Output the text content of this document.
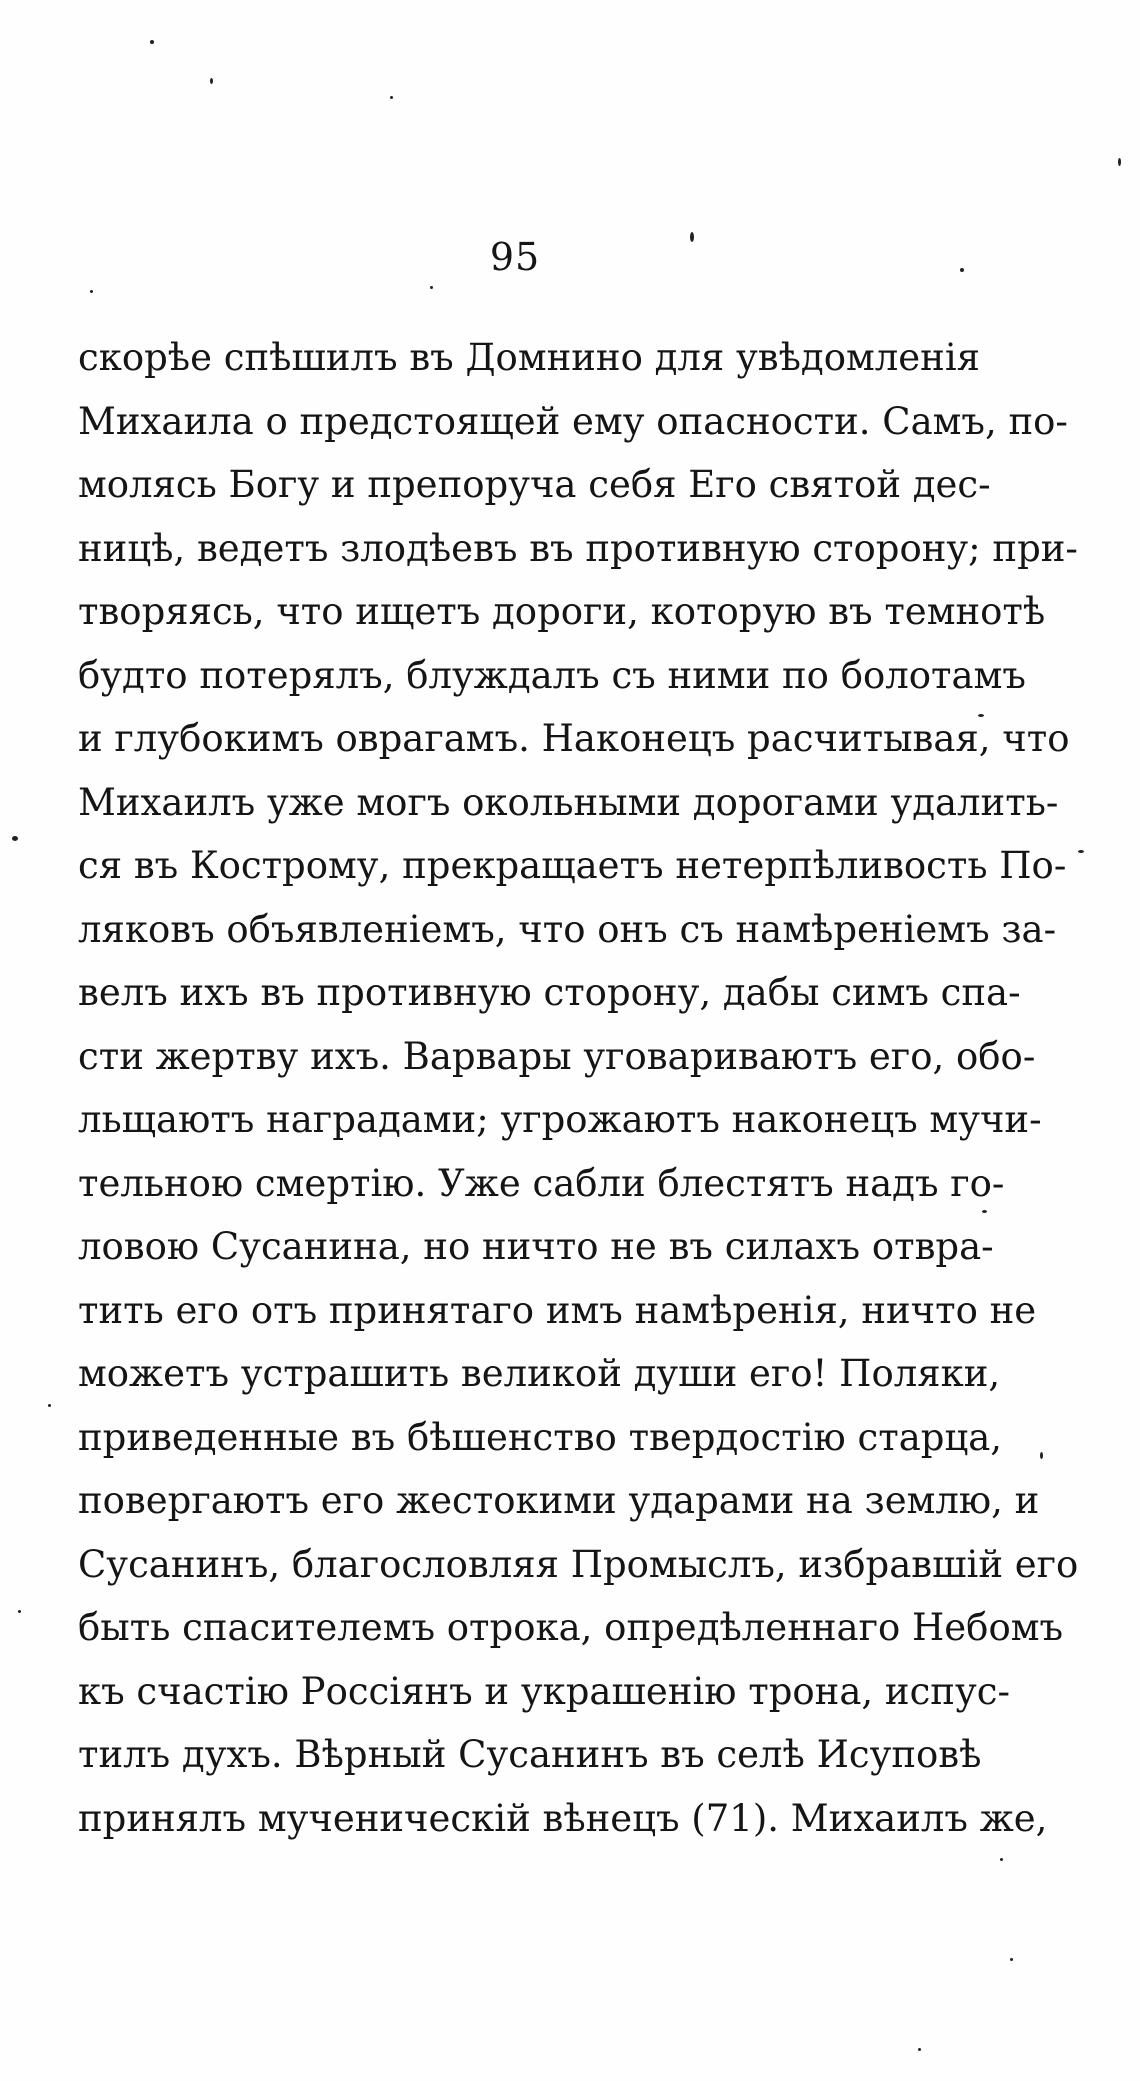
95
скорѣе спѣшилъ въ Домнино для увѣдомленія
Михаила о предстоящей ему опасности. Самъ, по-
молясь Богу и препоруча себя Его святой дес-
ницѣ, ведетъ злодѣевъ въ противную сторону; при-
творяясь, что ищетъ дороги, которую въ темнотѣ
будто потерялъ, блуждалъ съ ними по болотамъ
и глубокимъ оврагамъ. Наконецъ расчитывая, что
Михаилъ уже могъ окольными дорогами удалить-
ся въ Кострому, прекращаетъ нетерпѣливость По-
ляковъ объявленіемъ, что онъ съ намѣреніемъ за-
велъ ихъ въ противную сторону, дабы симъ спа-
сти жертву ихъ. Варвары уговариваютъ его, обо-
льщаютъ наградами; угрожаютъ наконецъ мучи-
тельною смертію. Уже сабли блестятъ надъ го-
ловою Сусанина, но ничто не въ силахъ отвра-
тить его отъ принятаго имъ намѣренія, ничто не
можетъ устрашить великой души его! Поляки,
приведенные въ бѣшенство твердостію старца,
повергаютъ его жестокими ударами на землю, и
Сусанинъ, благословляя Промыслъ, избравшій его
быть спасителемъ отрока, опредѣленнаго Небомъ
къ счастію Россіянъ и украшенію трона, испус-
тилъ духъ. Вѣрный Сусанинъ въ селѣ Исуповѣ
принялъ мученическій вѣнецъ (71). Михаилъ же,
